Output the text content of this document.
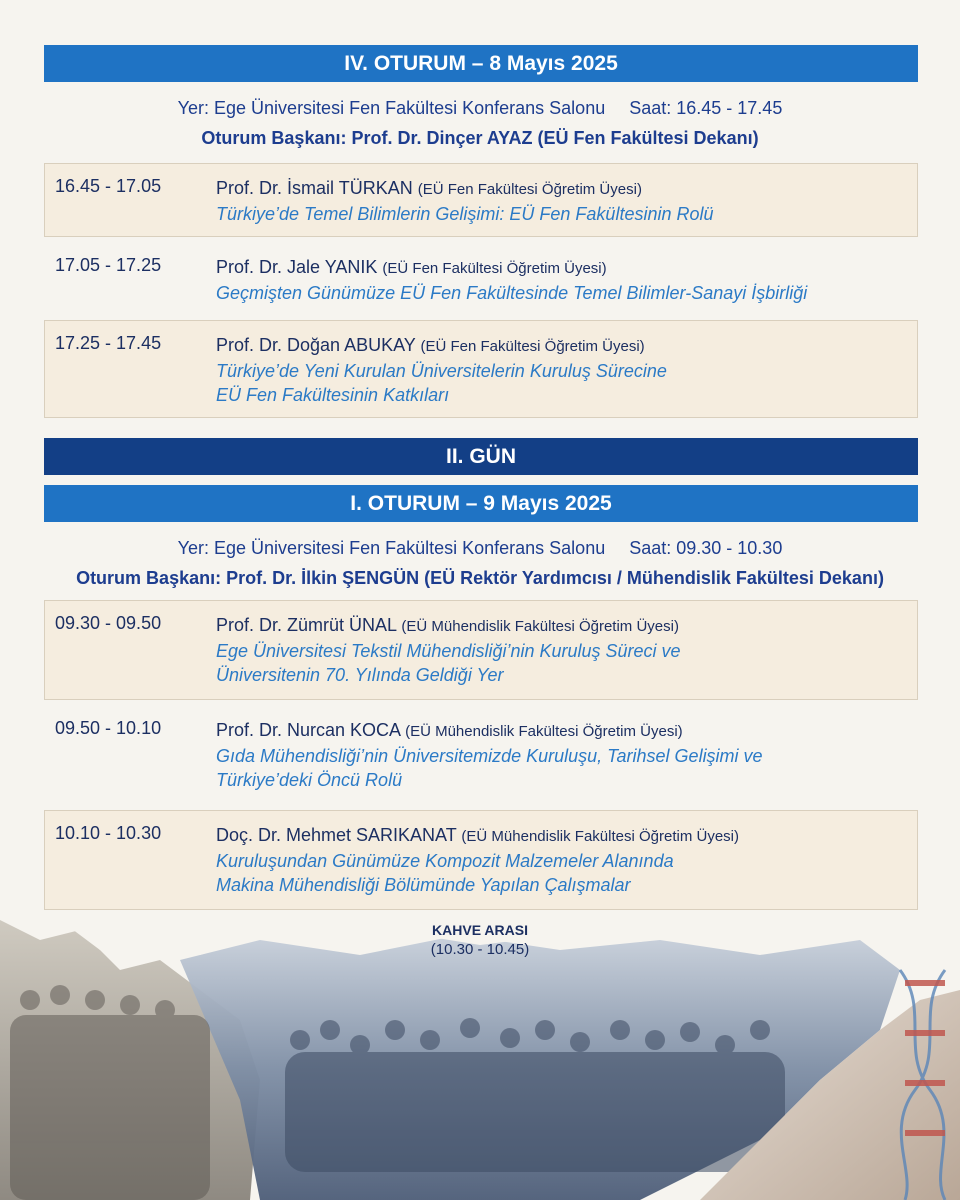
IV. OTURUM – 8 Mayıs 2025
Yer: Ege Üniversitesi Fen Fakültesi Konferans Salonu Saat: 16.45 - 17.45
Oturum Başkanı: Prof. Dr. Dinçer AYAZ (EÜ Fen Fakültesi Dekanı)
16.45 - 17.05	Prof. Dr. İsmail TÜRKAN (EÜ Fen Fakültesi Öğretim Üyesi)
Türkiye’de Temel Bilimlerin Gelişimi: EÜ Fen Fakültesinin Rolü
17.05 - 17.25	Prof. Dr. Jale YANIK (EÜ Fen Fakültesi Öğretim Üyesi)
Geçmişten Günümüze EÜ Fen Fakültesinde Temel Bilimler-Sanayi İşbirliği
17.25 - 17.45	Prof. Dr. Doğan ABUKAY (EÜ Fen Fakültesi Öğretim Üyesi)
Türkiye’de Yeni Kurulan Üniversitelerin Kuruluş Sürecine
EÜ Fen Fakültesinin Katkıları
II. GÜN
I. OTURUM – 9 Mayıs 2025
Yer: Ege Üniversitesi Fen Fakültesi Konferans Salonu Saat: 09.30 - 10.30
Oturum Başkanı: Prof. Dr. İlkin ŞENGÜN (EÜ Rektör Yardımcısı / Mühendislik Fakültesi Dekanı)
09.30 - 09.50	Prof. Dr. Zümrüt ÜNAL (EÜ Mühendislik Fakültesi Öğretim Üyesi)
Ege Üniversitesi Tekstil Mühendisliği’nin Kuruluş Süreci ve
Üniversitenin 70. Yılında Geldiği Yer
09.50 - 10.10	Prof. Dr. Nurcan KOCA (EÜ Mühendislik Fakültesi Öğretim Üyesi)
Gıda Mühendisliği’nin Üniversitemizde Kuruluşu, Tarihsel Gelişimi ve
Türkiye’deki Öncü Rolü
10.10 - 10.30	Doç. Dr. Mehmet SARIKANAT (EÜ Mühendislik Fakültesi Öğretim Üyesi)
Kuruluşundan Günümüze Kompozit Malzemeler Alanında
Makina Mühendisliği Bölümünde Yapılan Çalışmalar
KAHVE ARASI
(10.30 - 10.45)
